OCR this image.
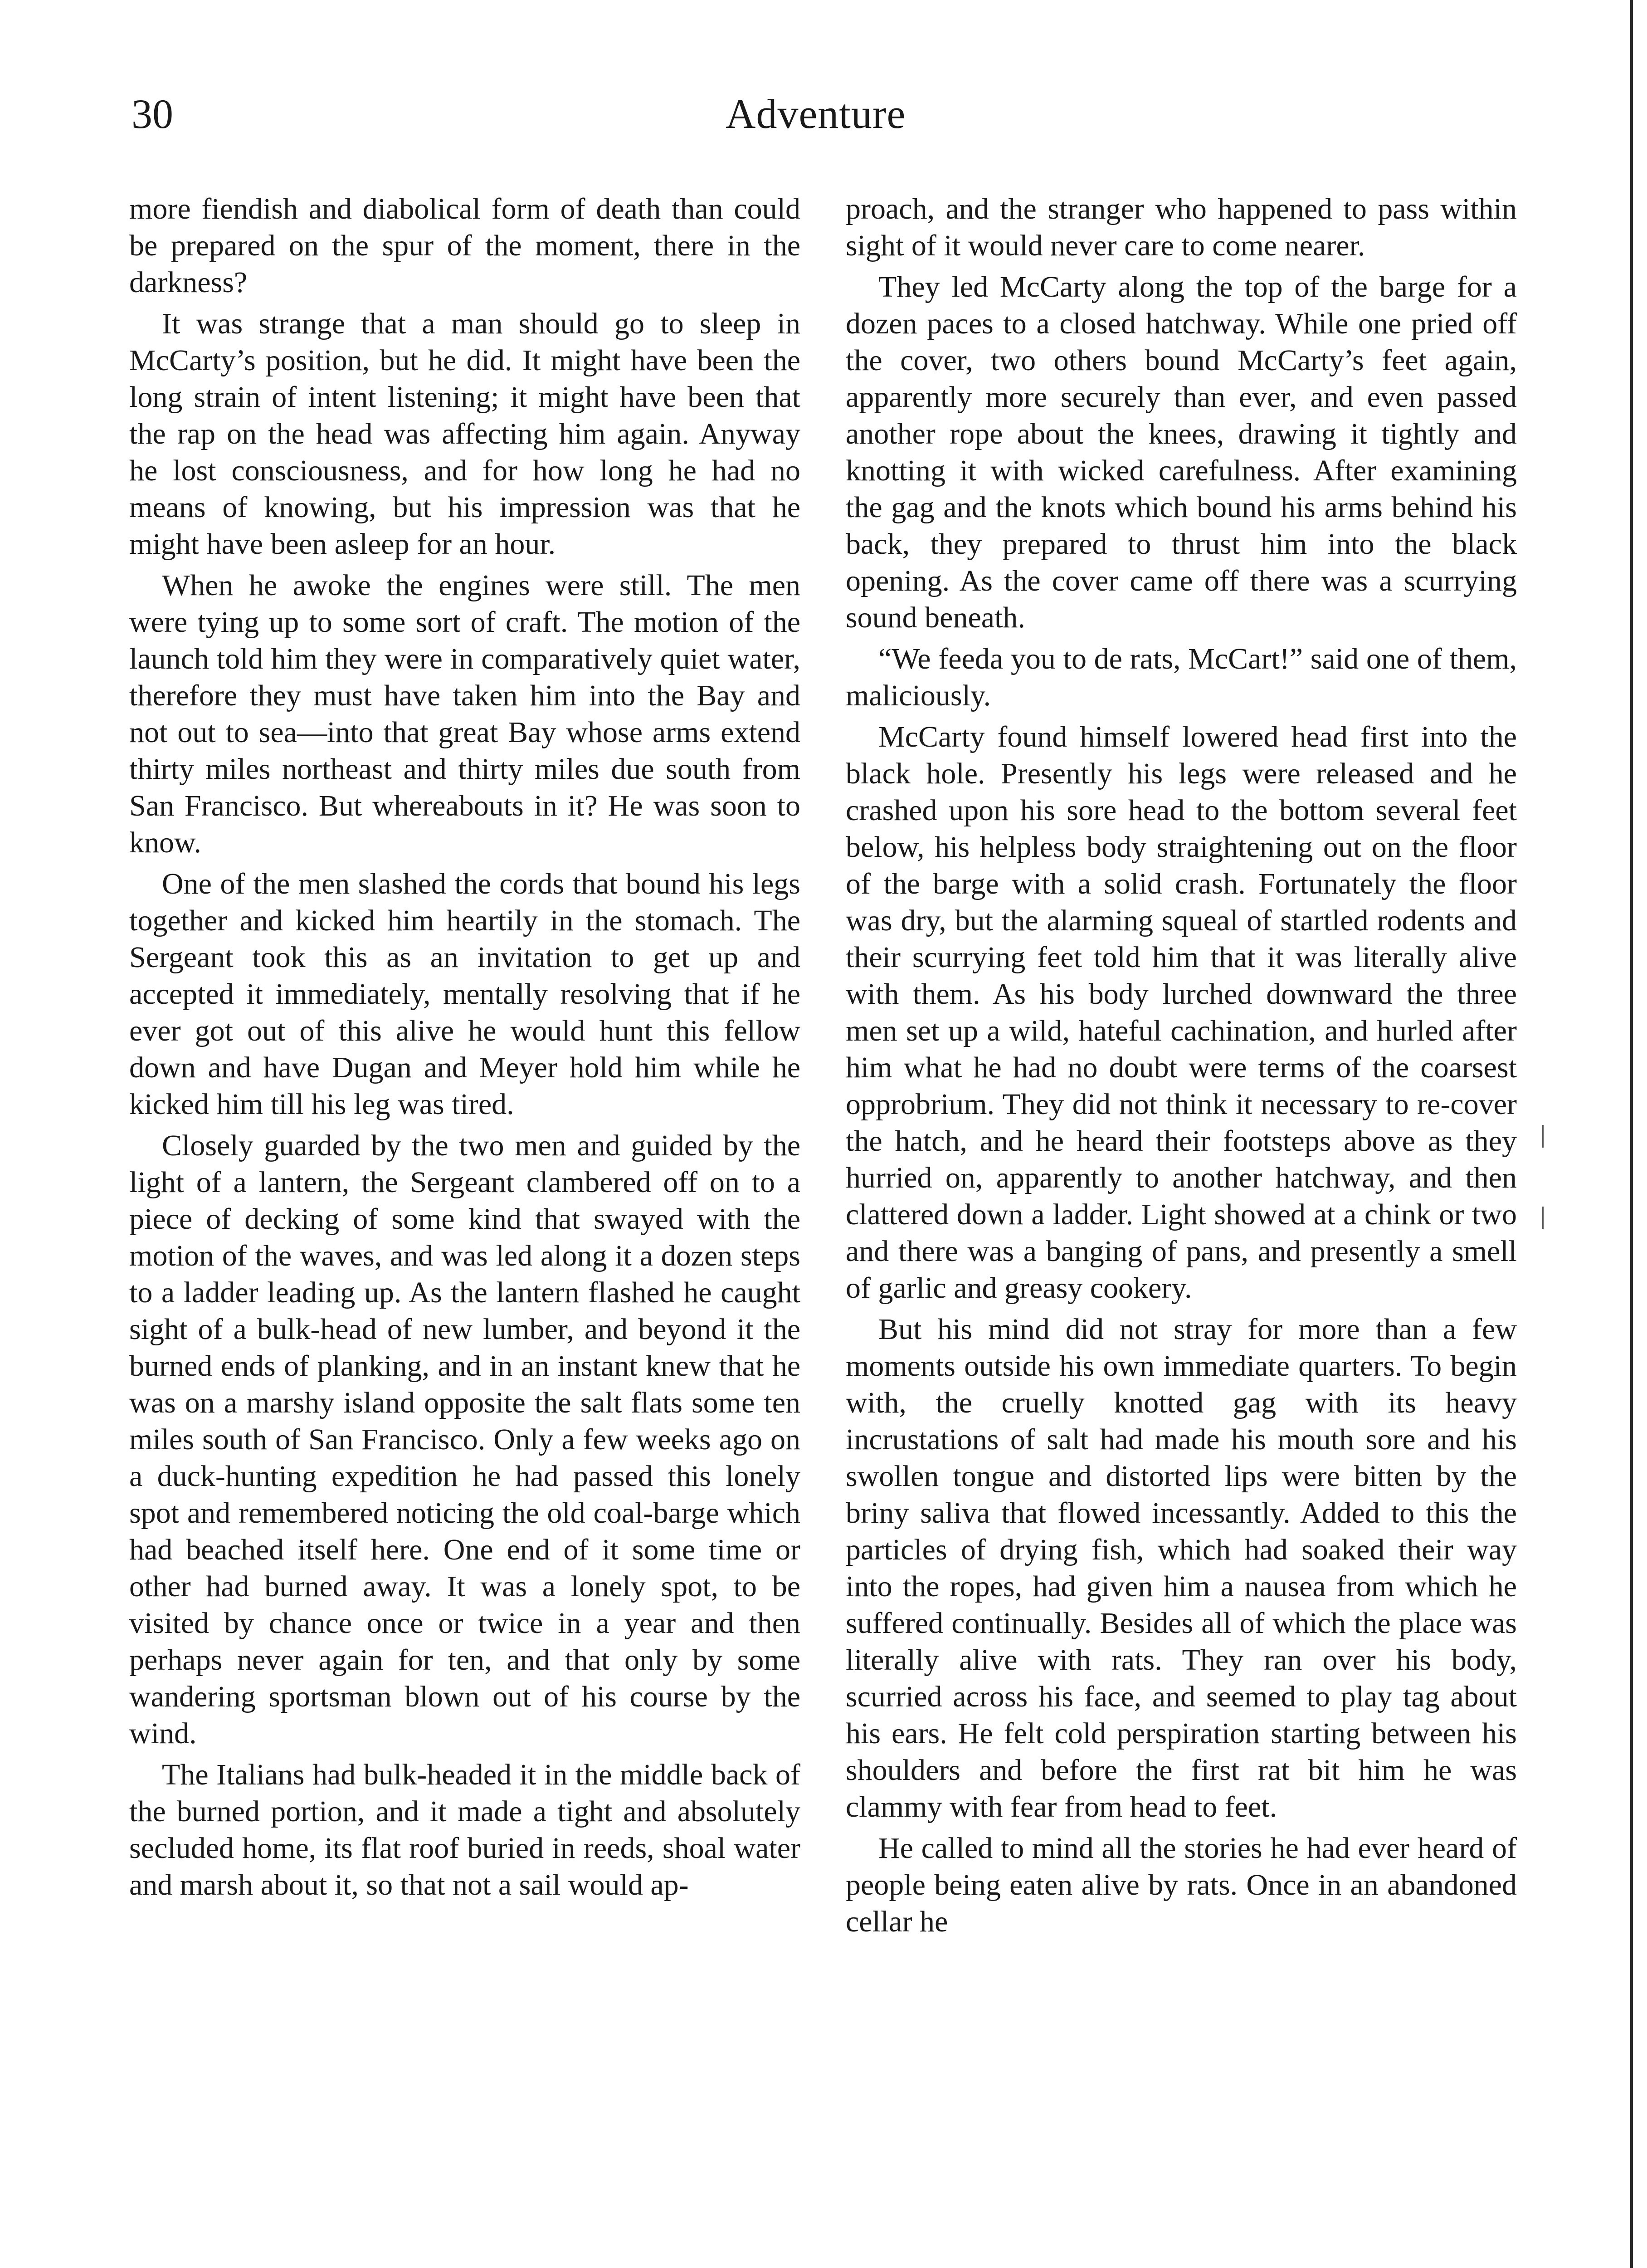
30	Adventure

more fiendish and diabolical form of death than could be prepared on the spur of the moment, there in the darkness?

It was strange that a man should go to sleep in McCarty’s position, but he did. It might have been the long strain of intent listening; it might have been that the rap on the head was affecting him again. Anyway he lost consciousness, and for how long he had no means of knowing, but his impression was that he might have been asleep for an hour.

When he awoke the engines were still. The men were tying up to some sort of craft. The motion of the launch told him they were in comparatively quiet water, therefore they must have taken him into the Bay and not out to sea—into that great Bay whose arms extend thirty miles northeast and thirty miles due south from San Francisco. But whereabouts in it? He was soon to know.

One of the men slashed the cords that bound his legs together and kicked him heartily in the stomach. The Sergeant took this as an invitation to get up and accepted it immediately, mentally resolving that if he ever got out of this alive he would hunt this fellow down and have Dugan and Meyer hold him while he kicked him till his leg was tired.

Closely guarded by the two men and guided by the light of a lantern, the Sergeant clambered off on to a piece of decking of some kind that swayed with the motion of the waves, and was led along it a dozen steps to a ladder leading up. As the lantern flashed he caught sight of a bulk-head of new lumber, and beyond it the burned ends of planking, and in an instant knew that he was on a marshy island opposite the salt flats some ten miles south of San Francisco. Only a few weeks ago on a duck-hunting expedition he had passed this lonely spot and remembered noticing the old coal-barge which had beached itself here. One end of it some time or other had burned away. It was a lonely spot, to be visited by chance once or twice in a year and then perhaps never again for ten, and that only by some wandering sportsman blown out of his course by the wind.

The Italians had bulk-headed it in the middle back of the burned portion, and it made a tight and absolutely secluded home, its flat roof buried in reeds, shoal water and marsh about it, so that not a sail would ap-

proach, and the stranger who happened to pass within sight of it would never care to come nearer.

They led McCarty along the top of the barge for a dozen paces to a closed hatchway. While one pried off the cover, two others bound McCarty’s feet again, apparently more securely than ever, and even passed another rope about the knees, drawing it tightly and knotting it with wicked carefulness. After examining the gag and the knots which bound his arms behind his back, they prepared to thrust him into the black opening. As the cover came off there was a scurrying sound beneath.

“We feeda you to de rats, McCart!” said one of them, maliciously.

McCarty found himself lowered head first into the black hole. Presently his legs were released and he crashed upon his sore head to the bottom several feet below, his helpless body straightening out on the floor of the barge with a solid crash. Fortunately the floor was dry, but the alarming squeal of startled rodents and their scurrying feet told him that it was literally alive with them. As his body lurched downward the three men set up a wild, hateful cachination, and hurled after him what he had no doubt were terms of the coarsest opprobrium. They did not think it necessary to re-cover the hatch, and he heard their footsteps above as they hurried on, apparently to another hatchway, and then clattered down a ladder. Light showed at a chink or two and there was a banging of pans, and presently a smell of garlic and greasy cookery.

But his mind did not stray for more than a few moments outside his own immediate quarters. To begin with, the cruelly knotted gag with its heavy incrustations of salt had made his mouth sore and his swollen tongue and distorted lips were bitten by the briny saliva that flowed incessantly. Added to this the particles of drying fish, which had soaked their way into the ropes, had given him a nausea from which he suffered continually. Besides all of which the place was literally alive with rats. They ran over his body, scurried across his face, and seemed to play tag about his ears. He felt cold perspiration starting between his shoulders and before the first rat bit him he was clammy with fear from head to feet.

He called to mind all the stories he had ever heard of people being eaten alive by rats. Once in an abandoned cellar he
